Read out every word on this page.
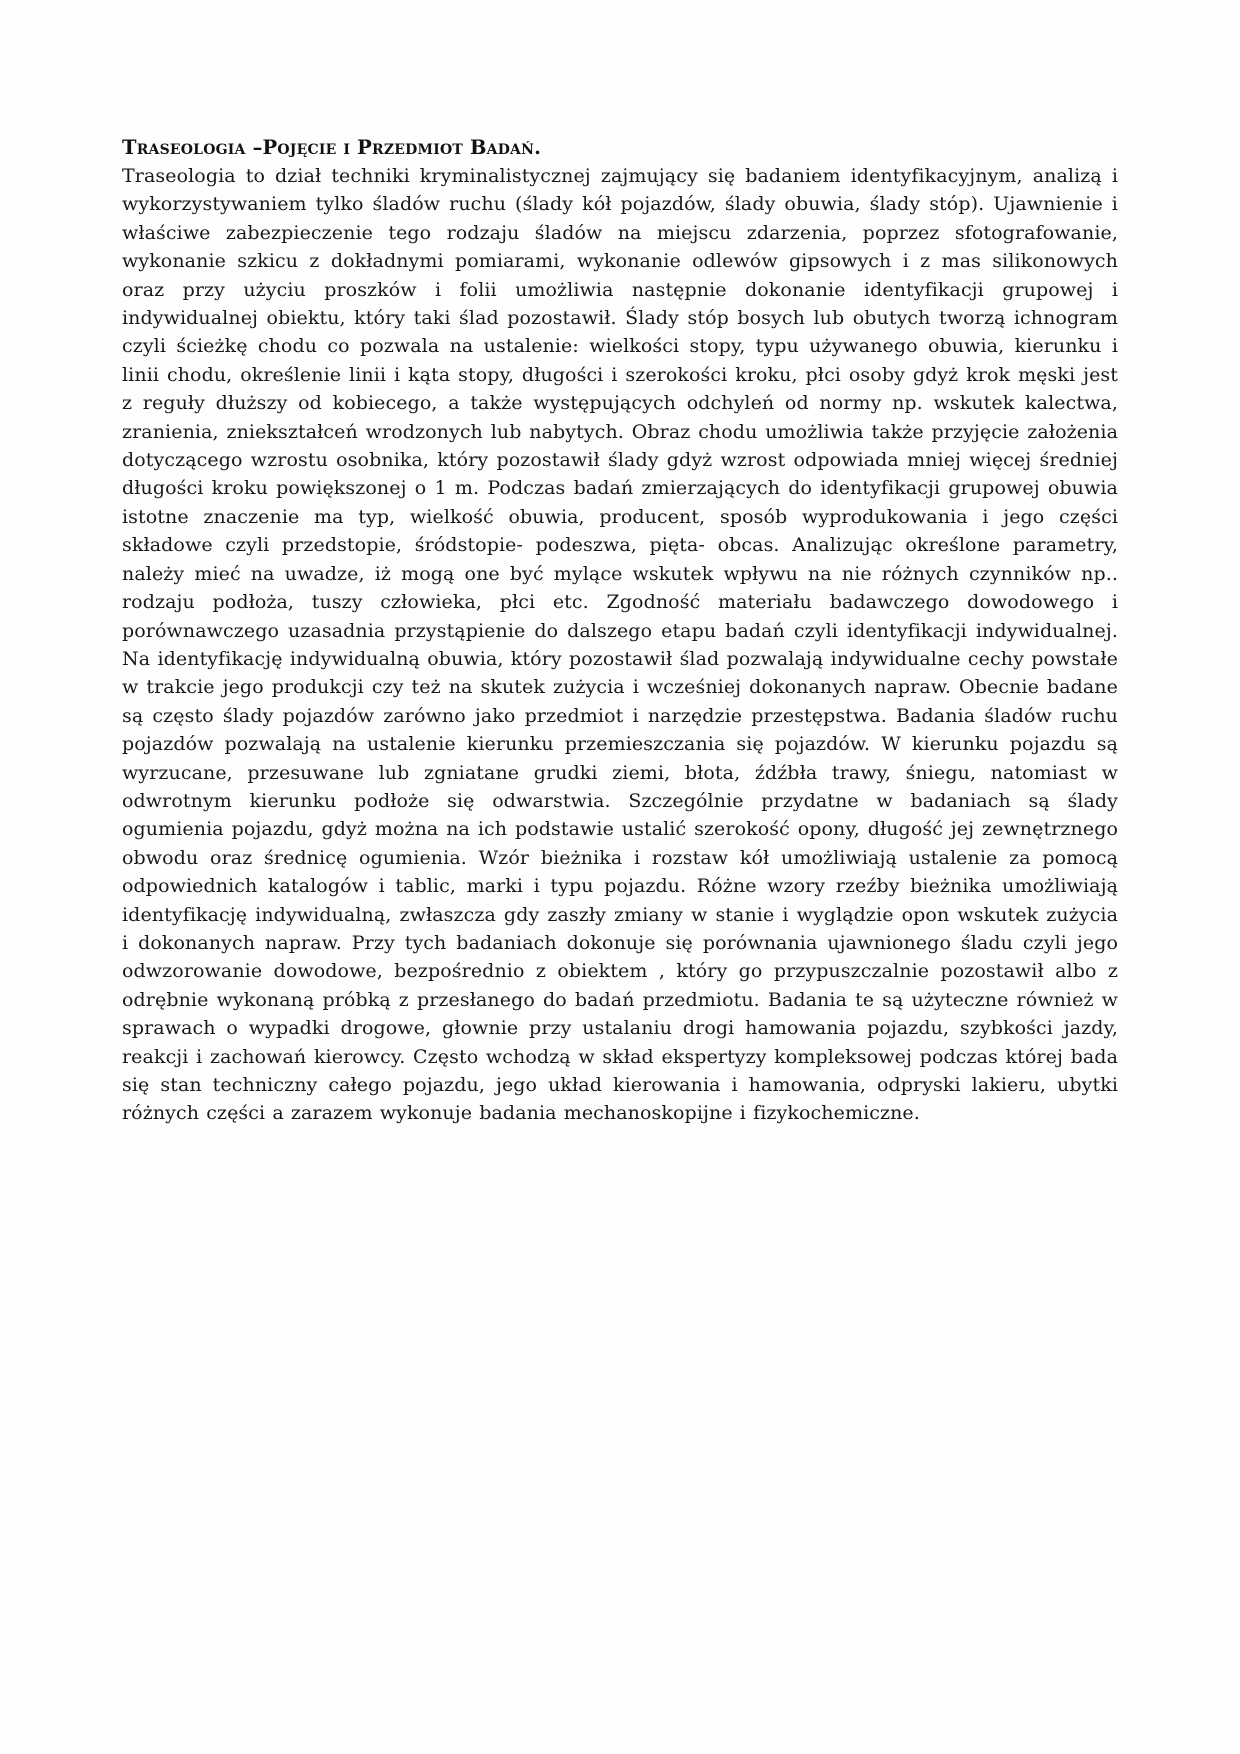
Traseologia –Pojęcie i Przedmiot Badań.

Traseologia to dział techniki kryminalistycznej zajmujący się badaniem identyfikacyjnym, analizą i wykorzystywaniem tylko śladów ruchu (ślady kół pojazdów, ślady obuwia, ślady stóp). Ujawnienie i właściwe zabezpieczenie tego rodzaju śladów na miejscu zdarzenia, poprzez sfotografowanie, wykonanie szkicu z dokładnymi pomiarami, wykonanie odlewów gipsowych i z mas silikonowych oraz przy użyciu proszków i folii umożliwia następnie dokonanie identyfikacji grupowej i indywidualnej obiektu, który taki ślad pozostawił. Ślady stóp bosych lub obutych tworzą ichnogram czyli ścieżkę chodu co pozwala na ustalenie: wielkości stopy, typu używanego obuwia, kierunku i linii chodu, określenie linii i kąta stopy, długości i szerokości kroku, płci osoby gdyż krok męski jest z reguły dłuższy od kobiecego, a także występujących odchyleń od normy np. wskutek kalectwa, zranienia, zniekształceń wrodzonych lub nabytych. Obraz chodu umożliwia także przyjęcie założenia dotyczącego wzrostu osobnika, który pozostawił ślady gdyż wzrost odpowiada mniej więcej średniej długości kroku powiększonej o 1 m. Podczas badań zmierzających do identyfikacji grupowej obuwia istotne znaczenie ma typ, wielkość obuwia, producent, sposób wyprodukowania i jego części składowe czyli przedstopie, śródstopie- podeszwa, pięta- obcas. Analizując określone parametry, należy mieć na uwadze, iż mogą one być mylące wskutek wpływu na nie różnych czynników np.. rodzaju podłoża, tuszy człowieka, płci etc. Zgodność materiału badawczego dowodowego i porównawczego uzasadnia przystąpienie do dalszego etapu badań czyli identyfikacji indywidualnej. Na identyfikację indywidualną obuwia, który pozostawił ślad pozwalają indywidualne cechy powstałe w trakcie jego produkcji czy też na skutek zużycia i wcześniej dokonanych napraw. Obecnie badane są często ślady pojazdów zarówno jako przedmiot i narzędzie przestępstwa. Badania śladów ruchu pojazdów pozwalają na ustalenie kierunku przemieszczania się pojazdów. W kierunku pojazdu są wyrzucane, przesuwane lub zgniatane grudki ziemi, błota, źdźbła trawy, śniegu, natomiast w odwrotnym kierunku podłoże się odwarstwia. Szczególnie przydatne w badaniach są ślady ogumienia pojazdu, gdyż można na ich podstawie ustalić szerokość opony, długość jej zewnętrznego obwodu oraz średnicę ogumienia. Wzór bieżnika i rozstaw kół umożliwiają ustalenie za pomocą odpowiednich katalogów i tablic, marki i typu pojazdu. Różne wzory rzeźby bieżnika umożliwiają identyfikację indywidualną, zwłaszcza gdy zaszły zmiany w stanie i wyglądzie opon wskutek zużycia i dokonanych napraw. Przy tych badaniach dokonuje się porównania ujawnionego śladu czyli jego odwzorowanie dowodowe, bezpośrednio z obiektem , który go przypuszczalnie pozostawił albo z odrębnie wykonaną próbką z przesłanego do badań przedmiotu. Badania te są użyteczne również w sprawach o wypadki drogowe, głownie przy ustalaniu drogi hamowania pojazdu, szybkości jazdy, reakcji i zachowań kierowcy. Często wchodzą w skład ekspertyzy kompleksowej podczas której bada się stan techniczny całego pojazdu, jego układ kierowania i hamowania, odpryski lakieru, ubytki różnych części a zarazem wykonuje badania mechanoskopijne i fizykochemiczne.
